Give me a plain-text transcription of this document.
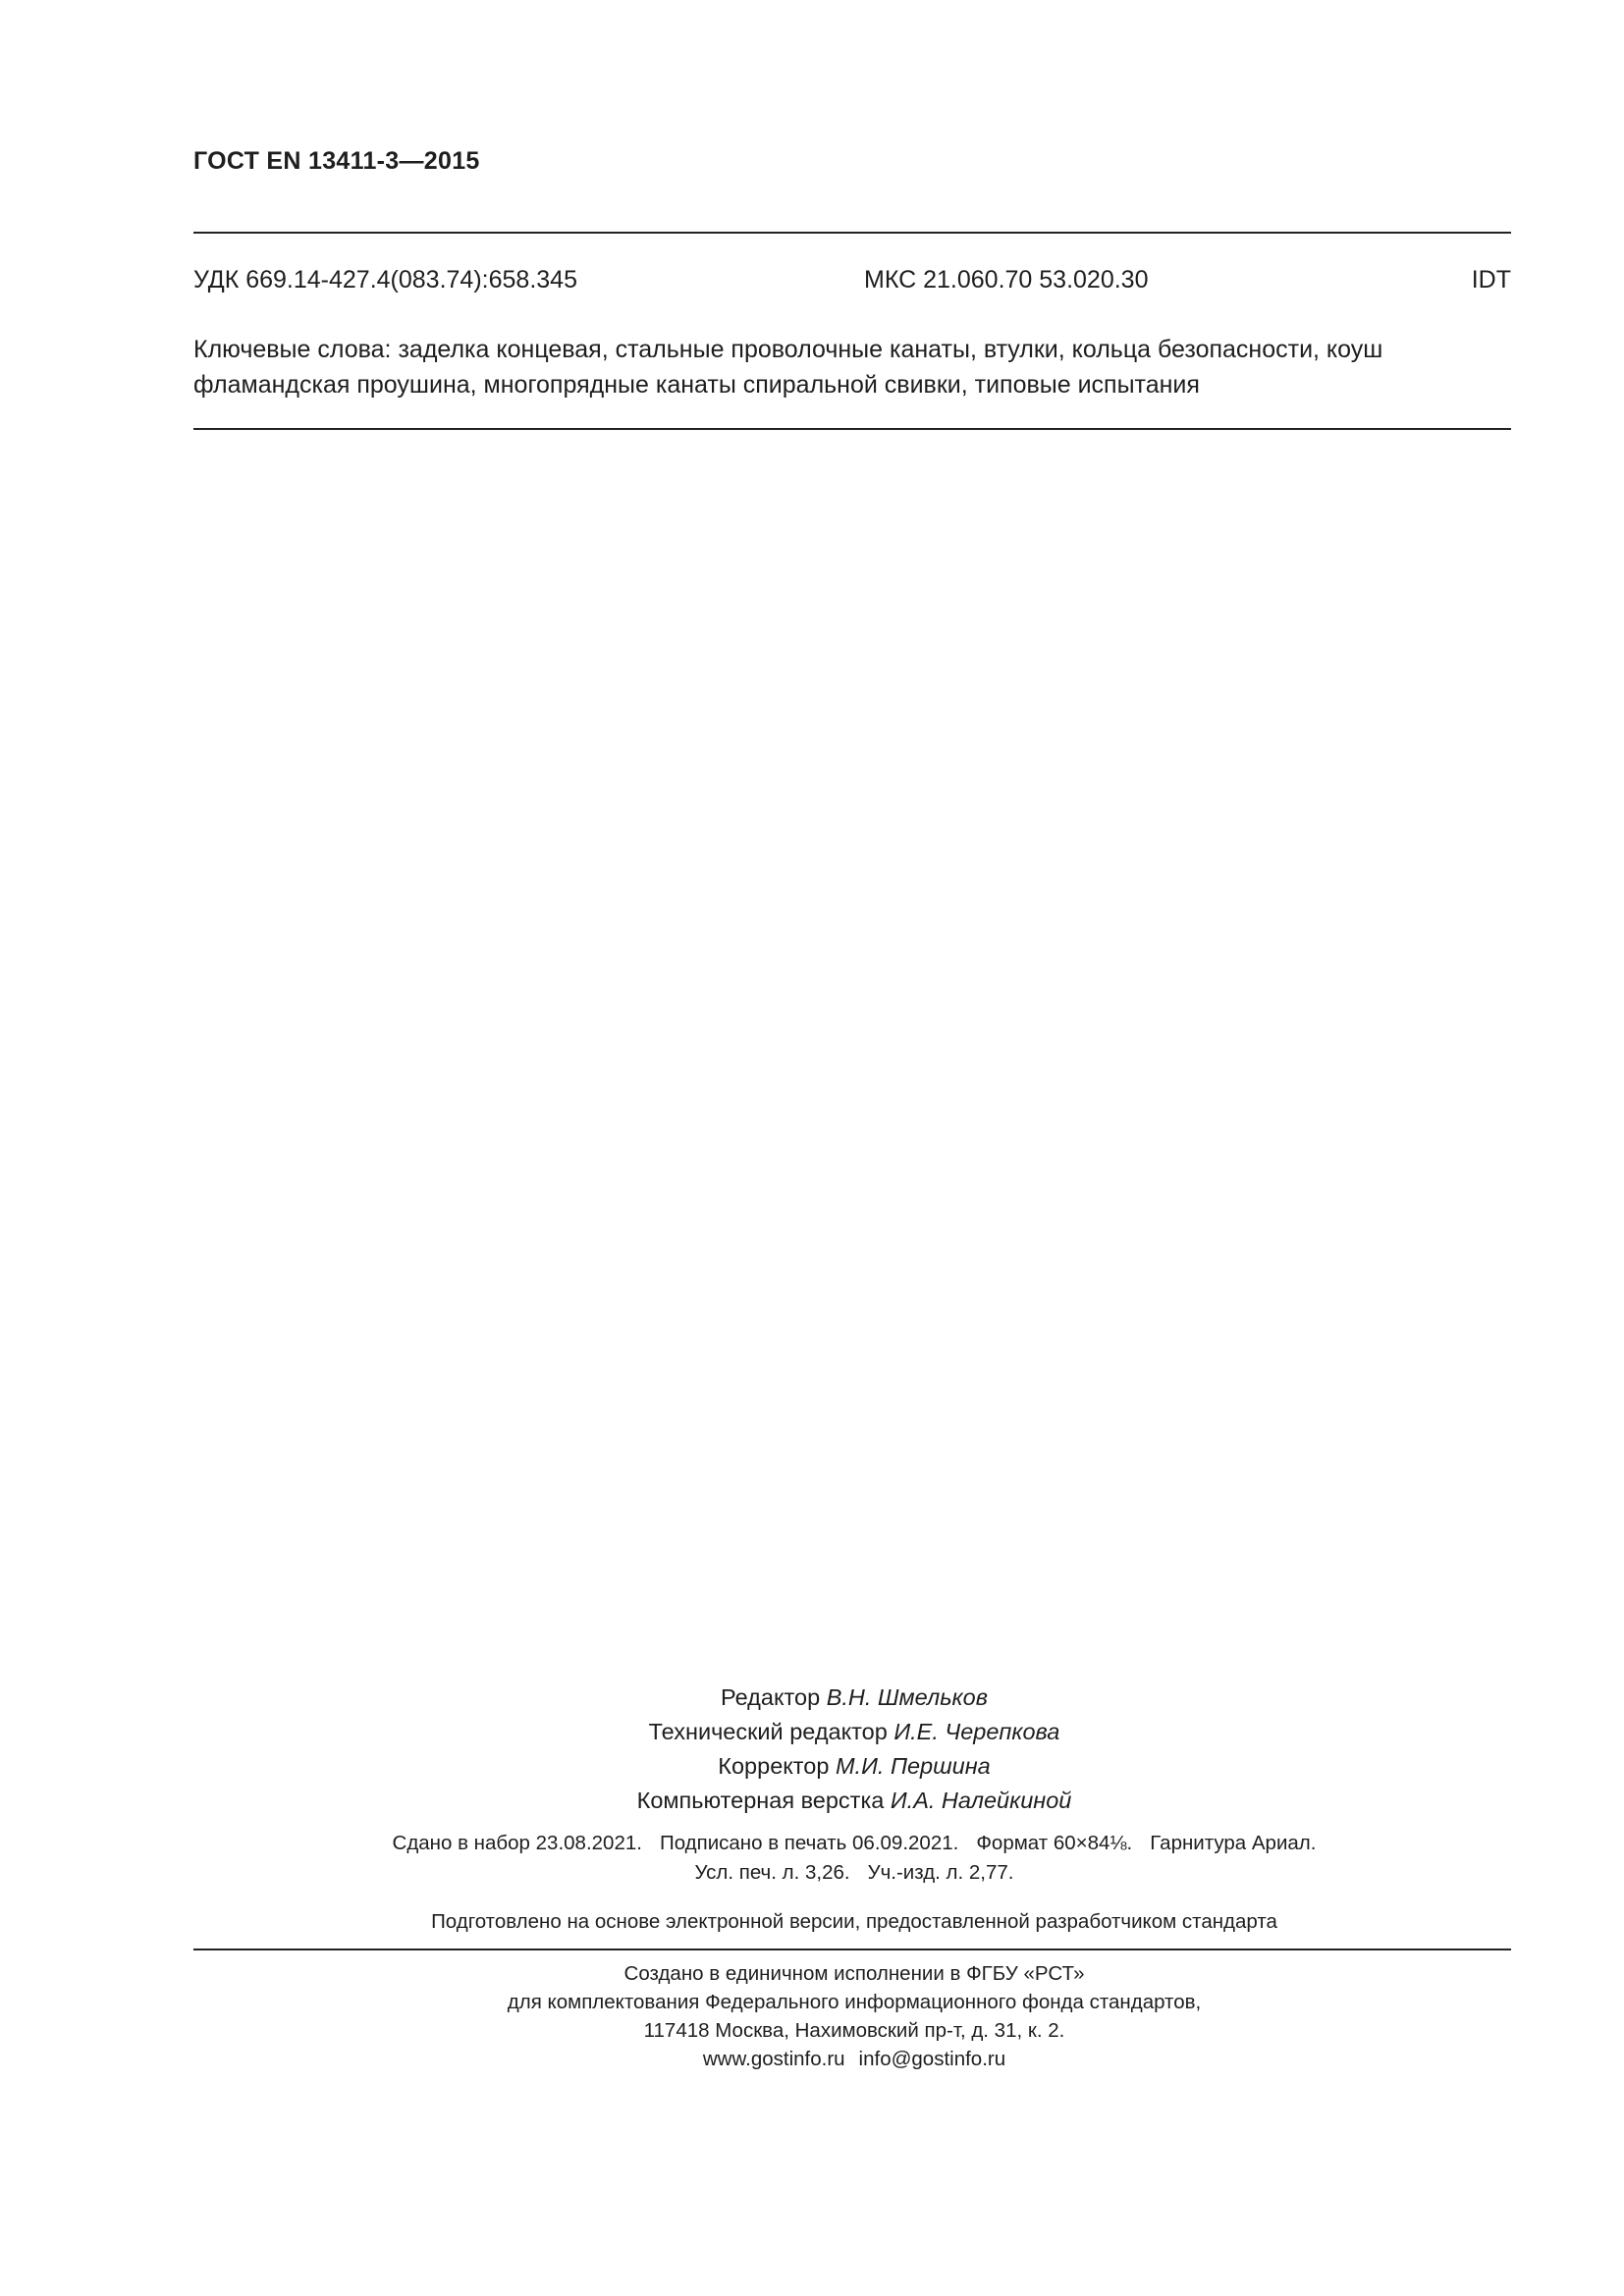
ГОСТ EN 13411-3—2015
УДК 669.14-427.4(083.74):658.345	МКС 21.060.70 53.020.30	IDT
Ключевые слова: заделка концевая, стальные проволочные канаты, втулки, кольца безопасности, коуш
фламандская проушина, многопрядные канаты спиральной свивки, типовые испытания
Редактор В.Н. Шмельков
Технический редактор И.Е. Черепкова
Корректор М.И. Першина
Компьютерная верстка И.А. Налейкиной
Сдано в набор 23.08.2021. Подписано в печать 06.09.2021. Формат 60×84⅛. Гарнитура Ариал.
Усл. печ. л. 3,26. Уч.-изд. л. 2,77.
Подготовлено на основе электронной версии, предоставленной разработчиком стандарта
Создано в единичном исполнении в ФГБУ «РСТ»
для комплектования Федерального информационного фонда стандартов,
117418 Москва, Нахимовский пр-т, д. 31, к. 2.
www.gostinfo.ru info@gostinfo.ru
